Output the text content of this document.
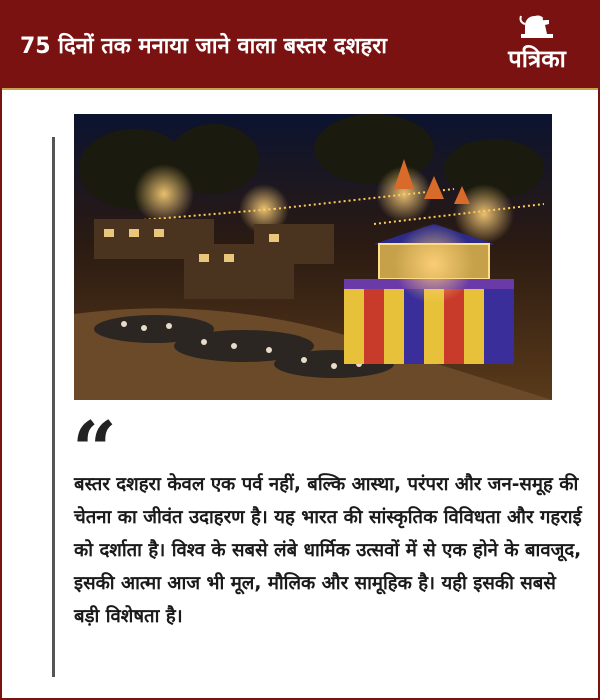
75 दिनों तक मनाया जाने वाला बस्तर दशहरा	पत्रिका
“
बस्तर दशहरा केवल एक पर्व नहीं, बल्कि आस्था, परंपरा और जन-समूह की चेतना का जीवंत उदाहरण है। यह भारत की सांस्कृतिक विविधता और गहराई को दर्शाता है। विश्व के सबसे लंबे धार्मिक उत्सवों में से एक होने के बावजूद, इसकी आत्मा आज भी मूल, मौलिक और सामूहिक है। यही इसकी सबसे बड़ी विशेषता है।
